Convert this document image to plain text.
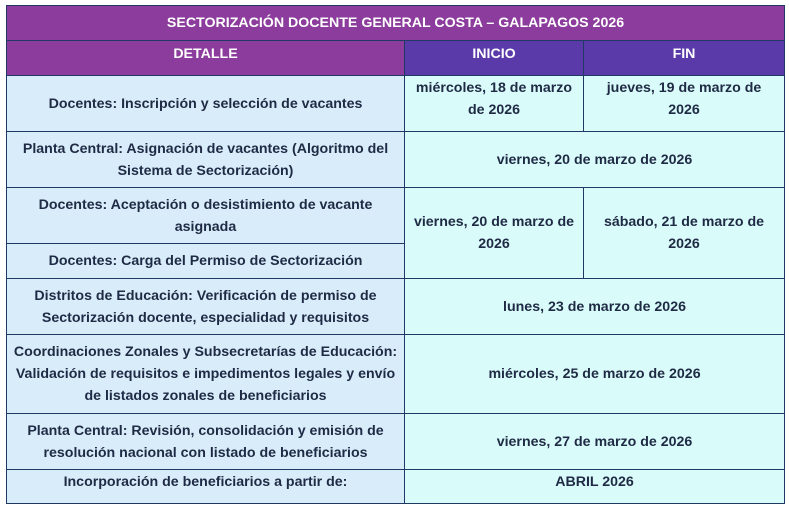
SECTORIZACIÓN DOCENTE GENERAL COSTA – GALAPAGOS 2026		
DETALLE	INICIO	FIN
Docentes: Inscripción y selección de vacantes	miércoles, 18 de marzo de 2026	jueves, 19 de marzo de 2026
Planta Central: Asignación de vacantes (Algoritmo del Sistema de Sectorización)	viernes, 20 de marzo de 2026	
Docentes: Aceptación o desistimiento de vacante asignada	viernes, 20 de marzo de 2026	sábado, 21 de marzo de 2026
Docentes: Carga del Permiso de Sectorización		
Distritos de Educación: Verificación de permiso de Sectorización docente, especialidad y requisitos	lunes, 23 de marzo de 2026	
Coordinaciones Zonales y Subsecretarías de Educación: Validación de requisitos e impedimentos legales y envío de listados zonales de beneficiarios	miércoles, 25 de marzo de 2026	
Planta Central: Revisión, consolidación y emisión de resolución nacional con listado de beneficiarios	viernes, 27 de marzo de 2026	
Incorporación de beneficiarios a partir de:	ABRIL 2026	
